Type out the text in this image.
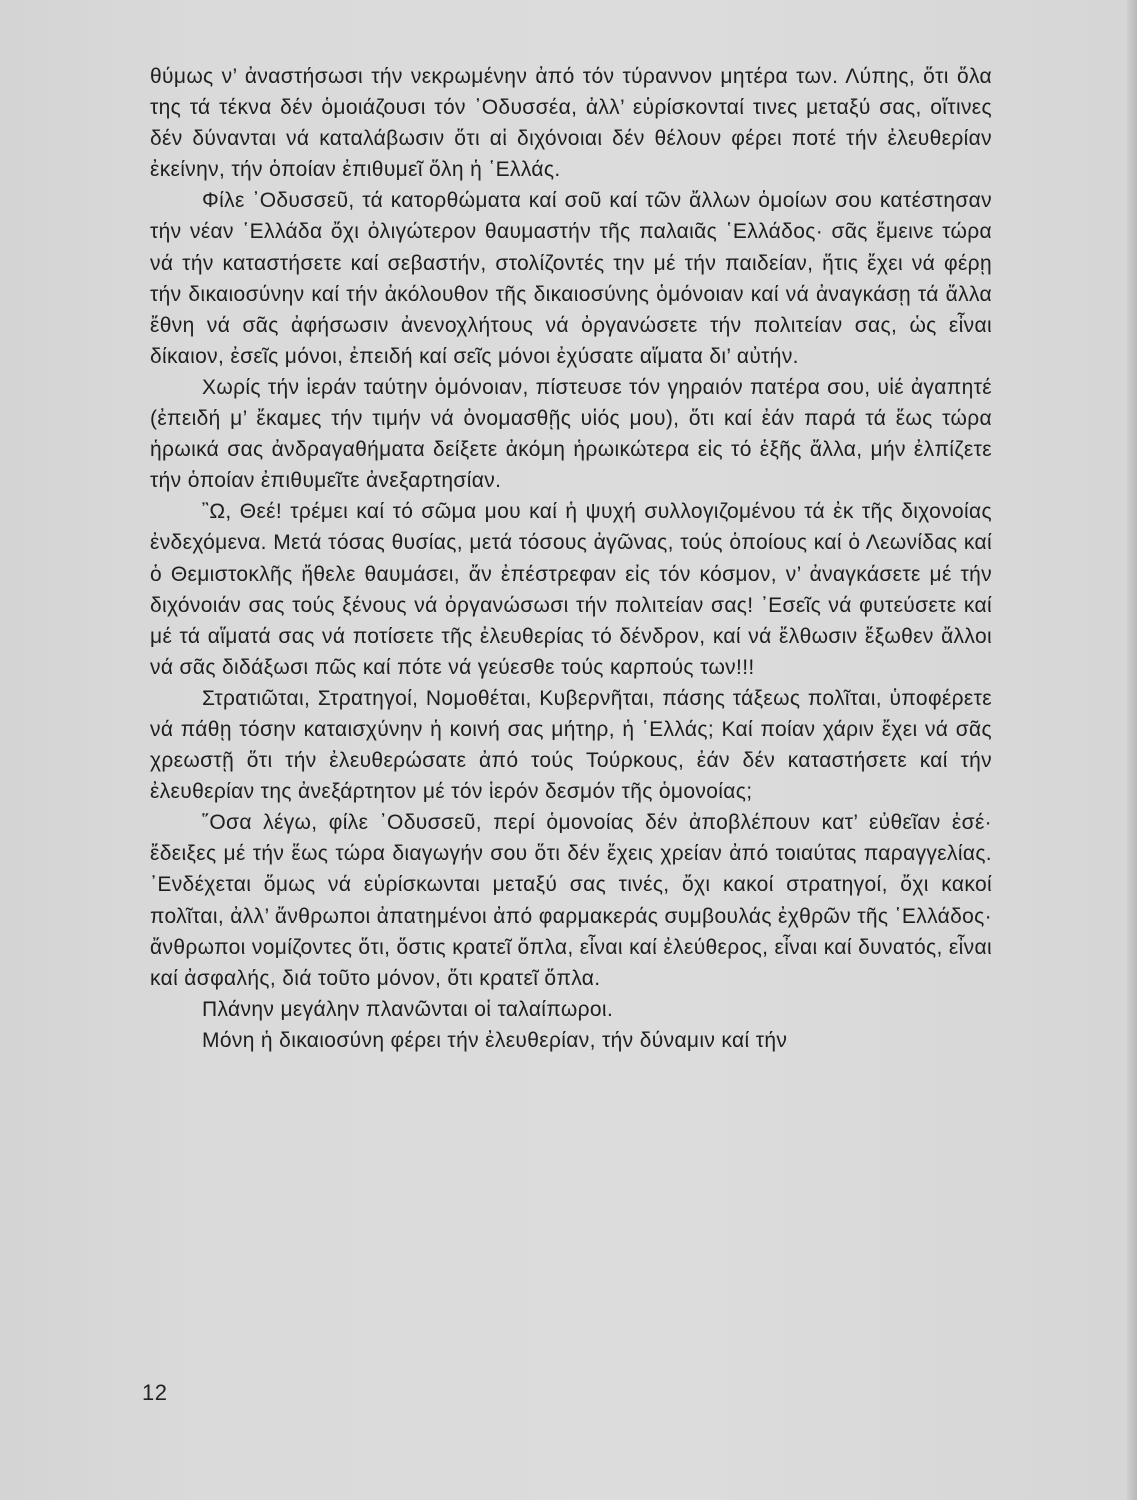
θύμως ν’ ἀναστήσωσι τήν νεκρωμένην ἀπό τόν τύραννον μητέρα των. Λύπης, ὅτι ὅλα της τά τέκνα δέν ὁμοιάζουσι τόν ᾽Οδυσσέα, ἀλλ’ εὑρίσκονταί τινες μεταξύ σας, οἵτινες δέν δύνανται νά καταλάβωσιν ὅτι αἱ διχόνοιαι δέν θέλουν φέρει ποτέ τήν ἐλευθερίαν ἐκείνην, τήν ὁποίαν ἐπιθυμεῖ ὅλη ἡ ῾Ελλάς.

Φίλε ᾽Οδυσσεῦ, τά κατορθώματα καί σοῦ καί τῶν ἄλλων ὁμοίων σου κατέστησαν τήν νέαν ῾Ελλάδα ὄχι ὀλιγώτερον θαυμαστήν τῆς παλαιᾶς ῾Ελλάδος· σᾶς ἔμεινε τώρα νά τήν καταστήσετε καί σεβαστήν, στολίζοντές την μέ τήν παιδείαν, ἥτις ἔχει νά φέρῃ τήν δικαιοσύνην καί τήν ἀκόλουθον τῆς δικαιοσύνης ὁμόνοιαν καί νά ἀναγκάσῃ τά ἄλλα ἔθνη νά σᾶς ἀφήσωσιν ἀνενοχλήτους νά ὀργανώσετε τήν πολιτείαν σας, ὡς εἶναι δίκαιον, ἐσεῖς μόνοι, ἐπειδή καί σεῖς μόνοι ἐχύσατε αἵματα δι’ αὐτήν.

Χωρίς τήν ἱεράν ταύτην ὁμόνοιαν, πίστευσε τόν γηραιόν πατέρα σου, υἱέ ἀγαπητέ (ἐπειδή μ’ ἔκαμες τήν τιμήν νά ὀνομασθῇς υἱός μου), ὅτι καί ἐάν παρά τά ἕως τώρα ἡρωικά σας ἀνδραγαθήματα δείξετε ἀκόμη ἡρωικώτερα εἰς τό ἑξῆς ἄλλα, μήν ἐλπίζετε τήν ὁποίαν ἐπιθυμεῖτε ἀνεξαρτησίαν.

῍Ω, Θεέ! τρέμει καί τό σῶμα μου καί ἡ ψυχή συλλογιζομένου τά ἐκ τῆς διχονοίας ἐνδεχόμενα. Μετά τόσας θυσίας, μετά τόσους ἀγῶνας, τούς ὁποίους καί ὁ Λεωνίδας καί ὁ Θεμιστοκλῆς ἤθελε θαυμάσει, ἄν ἐπέστρεφαν εἰς τόν κόσμον, ν’ ἀναγκάσετε μέ τήν διχόνοιάν σας τούς ξένους νά ὀργανώσωσι τήν πολιτείαν σας! ᾽Εσεῖς νά φυτεύσετε καί μέ τά αἵματά σας νά ποτίσετε τῆς ἐλευθερίας τό δένδρον, καί νά ἔλθωσιν ἔξωθεν ἄλλοι νά σᾶς διδάξωσι πῶς καί πότε νά γεύεσθε τούς καρπούς των!!!

Στρατιῶται, Στρατηγοί, Νομοθέται, Κυβερνῆται, πάσης τάξεως πολῖται, ὑποφέρετε νά πάθῃ τόσην καταισχύνην ἡ κοινή σας μήτηρ, ἡ ῾Ελλάς; Καί ποίαν χάριν ἔχει νά σᾶς χρεωστῇ ὅτι τήν ἐλευθερώσατε ἀπό τούς Τούρκους, ἐάν δέν καταστήσετε καί τήν ἐλευθερίαν της ἀνεξάρτητον μέ τόν ἱερόν δεσμόν τῆς ὁμονοίας;

῞Οσα λέγω, φίλε ᾽Οδυσσεῦ, περί ὁμονοίας δέν ἀποβλέπουν κατ’ εὐθεῖαν ἐσέ· ἔδειξες μέ τήν ἕως τώρα διαγωγήν σου ὅτι δέν ἔχεις χρείαν ἀπό τοιαύτας παραγγελίας. ᾽Ενδέχεται ὅμως νά εὑρίσκωνται μεταξύ σας τινές, ὄχι κακοί στρατηγοί, ὄχι κακοί πολῖται, ἀλλ’ ἄνθρωποι ἀπατημένοι ἀπό φαρμακεράς συμβουλάς ἐχθρῶν τῆς ῾Ελλάδος· ἄνθρωποι νομίζοντες ὅτι, ὅστις κρατεῖ ὅπλα, εἶναι καί ἐλεύθερος, εἶναι καί δυνατός, εἶναι καί ἀσφαλής, διά τοῦτο μόνον, ὅτι κρατεῖ ὅπλα.

Πλάνην μεγάλην πλανῶνται οἱ ταλαίπωροι.

Μόνη ἡ δικαιοσύνη φέρει τήν ἐλευθερίαν, τήν δύναμιν καί τήν

12
